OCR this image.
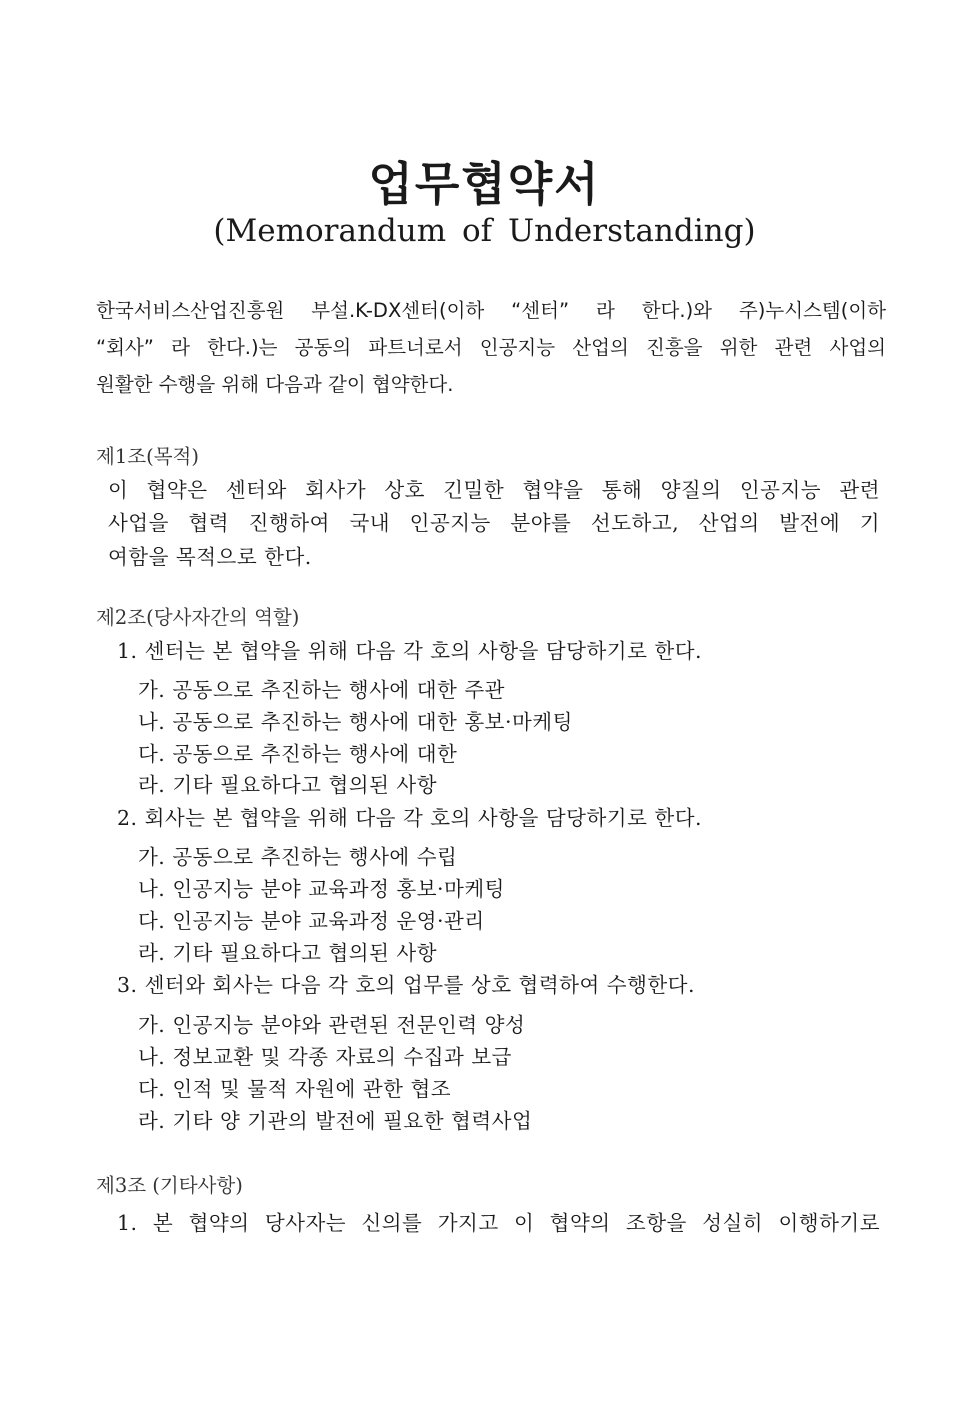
업무협약서
(Memorandum of Understanding)
한국서비스산업진흥원 부설.K-DX센터(이하 “센터” 라 한다.)와 주)누시스템(이하
“회사” 라 한다.)는 공동의 파트너로서 인공지능 산업의 진흥을 위한 관련 사업의
원활한 수행을 위해 다음과 같이 협약한다.
제1조(목적)
이 협약은 센터와 회사가 상호 긴밀한 협약을 통해 양질의 인공지능 관련
사업을 협력 진행하여 국내 인공지능 분야를 선도하고, 산업의 발전에 기
여함을 목적으로 한다.
제2조(당사자간의 역할)
1. 센터는 본 협약을 위해 다음 각 호의 사항을 담당하기로 한다.
가. 공동으로 추진하는 행사에 대한 주관
나. 공동으로 추진하는 행사에 대한 홍보·마케팅
다. 공동으로 추진하는 행사에 대한
라. 기타 필요하다고 협의된 사항
2. 회사는 본 협약을 위해 다음 각 호의 사항을 담당하기로 한다.
가. 공동으로 추진하는 행사에 수립
나. 인공지능 분야 교육과정 홍보·마케팅
다. 인공지능 분야 교육과정 운영·관리
라. 기타 필요하다고 협의된 사항
3. 센터와 회사는 다음 각 호의 업무를 상호 협력하여 수행한다.
가. 인공지능 분야와 관련된 전문인력 양성
나. 정보교환 및 각종 자료의 수집과 보급
다. 인적 및 물적 자원에 관한 협조
라. 기타 양 기관의 발전에 필요한 협력사업
제3조 (기타사항)
1. 본 협약의 당사자는 신의를 가지고 이 협약의 조항을 성실히 이행하기로
